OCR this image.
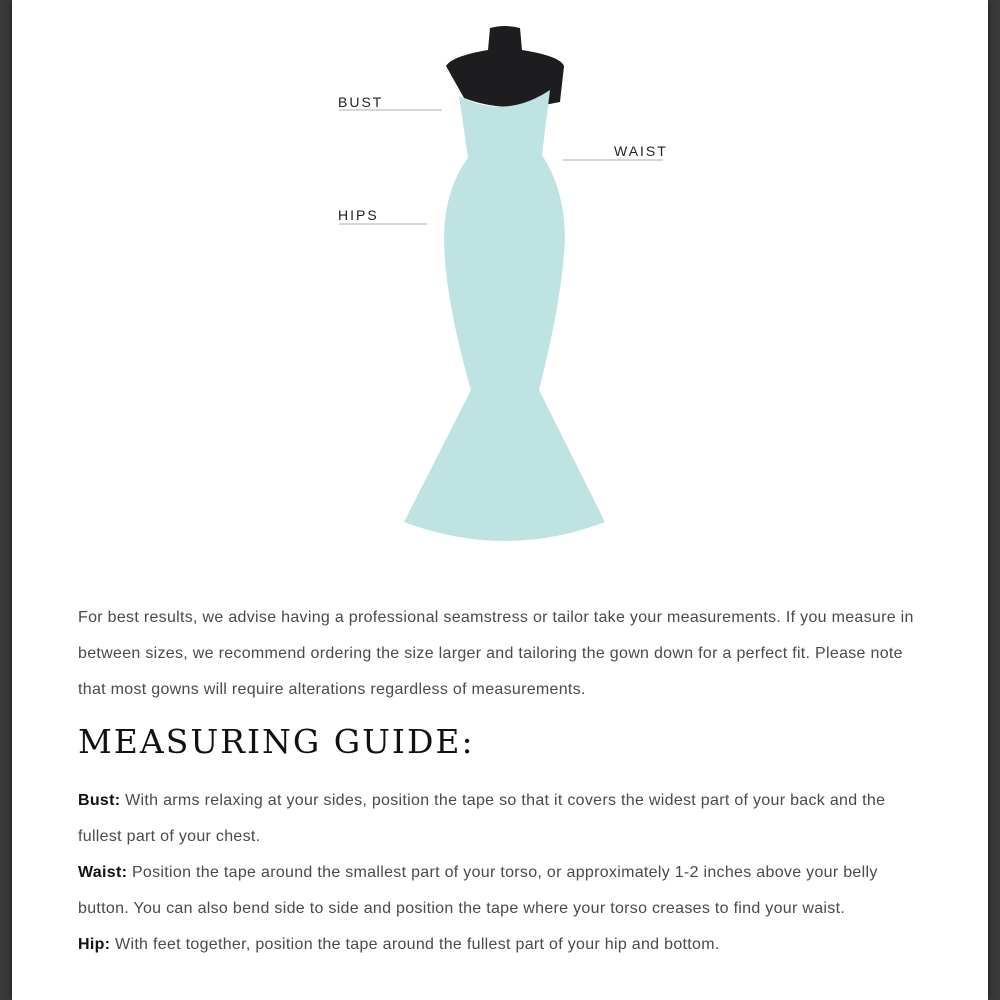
BUST
WAIST
HIPS

For best results, we advise having a professional seamstress or tailor take your measurements. If you measure in between sizes, we recommend ordering the size larger and tailoring the gown down for a perfect fit. Please note that most gowns will require alterations regardless of measurements.

MEASURING GUIDE:

Bust: With arms relaxing at your sides, position the tape so that it covers the widest part of your back and the fullest part of your chest.

Waist: Position the tape around the smallest part of your torso, or approximately 1-2 inches above your belly button. You can also bend side to side and position the tape where your torso creases to find your waist.

Hip: With feet together, position the tape around the fullest part of your hip and bottom.
